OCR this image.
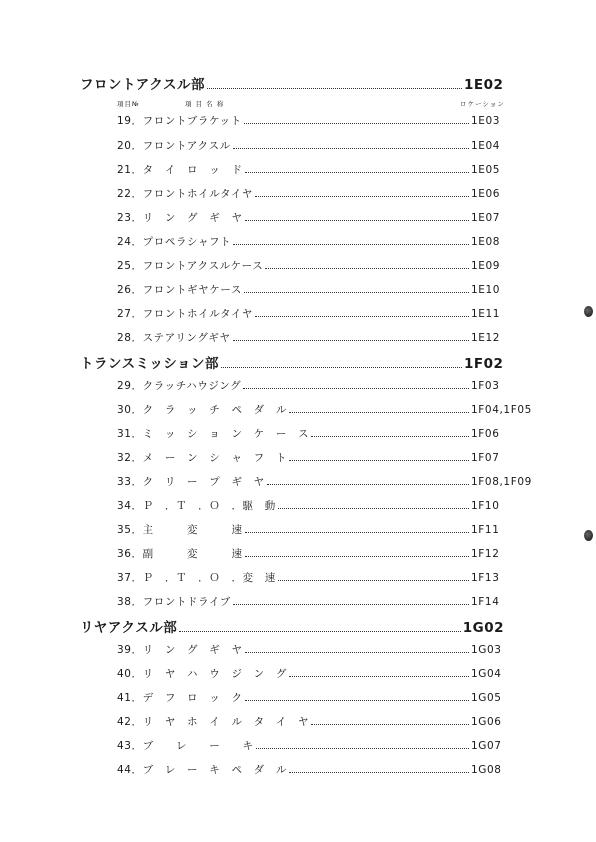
フロントアクスル部	1E02
項目№	項 目 名 称	ロケーション
19．フロントブラケット	1E03
20．フロントアクスル	1E04
21．タ　イ　ロ　ッ　ド	1E05
22．フロントホイルタイヤ	1E06
23．リ　ン　グ　ギ　ヤ	1E07
24．プロペラシャフト	1E08
25．フロントアクスルケース	1E09
26．フロントギヤケース	1E10
27．フロントホイルタイヤ	1E11
28．ステアリングギヤ	1E12
トランスミッション部	1F02
29．クラッチハウジング	1F03
30．ク　ラ　ッ　チ　ペ　ダ　ル	1F04,1F05
31．ミ　ッ　シ　ョ　ン　ケ　ー　ス	1F06
32．メ　ー　ン　シ　ャ　フ　ト	1F07
33．ク　リ　ー　プ　ギ　ヤ	1F08,1F09
34．Ｐ　．Ｔ　．Ｏ　．駆　動	1F10
35．主　　　変　　　速	1F11
36．副　　　変　　　速	1F12
37．Ｐ　．Ｔ　．Ｏ　．変　速	1F13
38．フロントドライブ	1F14
リヤアクスル部	1G02
39．リ　ン　グ　ギ　ヤ	1G03
40．リ　ヤ　ハ　ウ　ジ　ン　グ	1G04
41．デ　フ　ロ　ッ　ク	1G05
42．リ　ヤ　ホ　イ　ル　タ　イ　ヤ	1G06
43．ブ　　レ　　ー　　キ	1G07
44．ブ　レ　ー　キ　ペ　ダ　ル	1G08
